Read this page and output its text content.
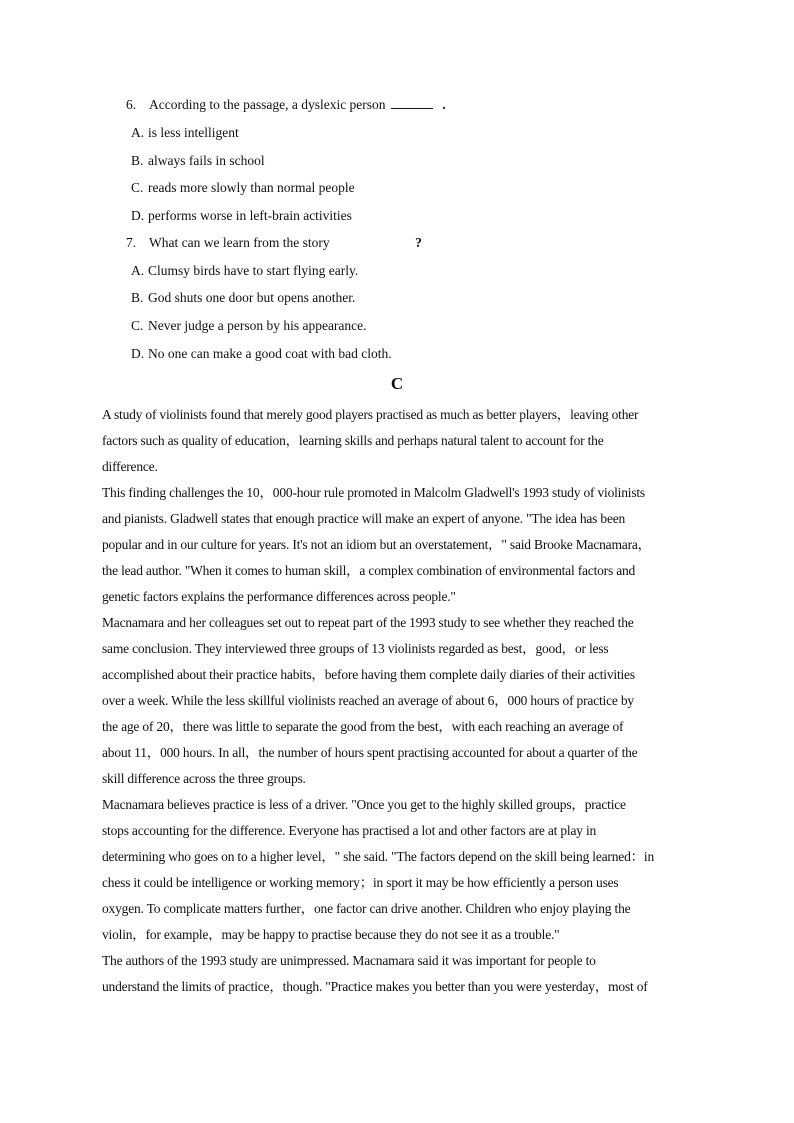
6. According to the passage, a dyslexic person	.
A. is less intelligent
B. always fails in school
C. reads more slowly than normal people
D. performs worse in left-brain activities
7. What can we learn from the story	?
A. Clumsy birds have to start flying early.
B. God shuts one door but opens another.
C. Never judge a person by his appearance.
D. No one can make a good coat with bad cloth.
C
A study of violinists found that merely good players practised as much as better players，leaving other
factors such as quality of education，learning skills and perhaps natural talent to account for the
difference.
This finding challenges the 10，000-hour rule promoted in Malcolm Gladwell's 1993 study of violinists
and pianists. Gladwell states that enough practice will make an expert of anyone. "The idea has been
popular and in our culture for years. It's not an idiom but an overstatement，" said Brooke Macnamara，
the lead author. "When it comes to human skill，a complex combination of environmental factors and
genetic factors explains the performance differences across people."
Macnamara and her colleagues set out to repeat part of the 1993 study to see whether they reached the
same conclusion. They interviewed three groups of 13 violinists regarded as best，good，or less
accomplished about their practice habits，before having them complete daily diaries of their activities
over a week. While the less skillful violinists reached an average of about 6，000 hours of practice by
the age of 20，there was little to separate the good from the best，with each reaching an average of
about 11，000 hours. In all，the number of hours spent practising accounted for about a quarter of the
skill difference across the three groups.
Macnamara believes practice is less of a driver. "Once you get to the highly skilled groups，practice
stops accounting for the difference. Everyone has practised a lot and other factors are at play in
determining who goes on to a higher level，" she said. "The factors depend on the skill being learned：in
chess it could be intelligence or working memory；in sport it may be how efficiently a person uses
oxygen. To complicate matters further，one factor can drive another. Children who enjoy playing the
violin，for example，may be happy to practise because they do not see it as a trouble."
The authors of the 1993 study are unimpressed. Macnamara said it was important for people to
understand the limits of practice，though. "Practice makes you better than you were yesterday，most of
